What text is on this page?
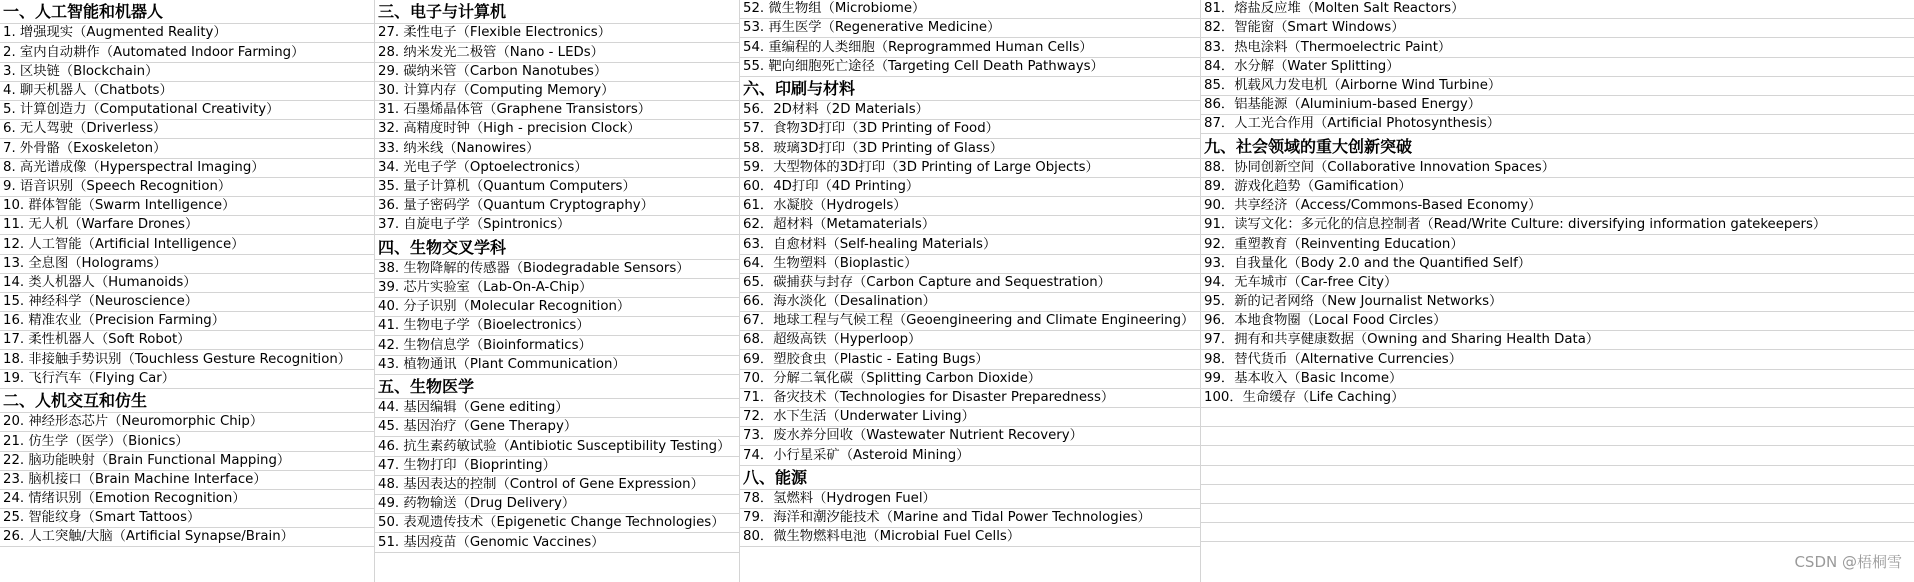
一、人工智能和机器人
1. 增强现实（Augmented Reality）
2. 室内自动耕作（Automated Indoor Farming）
3. 区块链（Blockchain）
4. 聊天机器人（Chatbots）
5. 计算创造力（Computational Creativity）
6. 无人驾驶（Driverless）
7. 外骨骼（Exoskeleton）
8. 高光谱成像（Hyperspectral Imaging）
9. 语音识别（Speech Recognition）
10. 群体智能（Swarm Intelligence）
11. 无人机（Warfare Drones）
12. 人工智能（Artificial Intelligence）
13. 全息图（Holograms）
14. 类人机器人（Humanoids）
15. 神经科学（Neuroscience）
16. 精准农业（Precision Farming）
17. 柔性机器人（Soft Robot）
18. 非接触手势识别（Touchless Gesture Recognition）
19. 飞行汽车（Flying Car）
二、人机交互和仿生
20. 神经形态芯片（Neuromorphic Chip）
21. 仿生学（医学）（Bionics）
22. 脑功能映射（Brain Functional Mapping）
23. 脑机接口（Brain Machine Interface）
24. 情绪识别（Emotion Recognition）
25. 智能纹身（Smart Tattoos）
26. 人工突触/大脑（Artificial Synapse/Brain）
三、电子与计算机
27. 柔性电子（Flexible Electronics）
28. 纳米发光二极管（Nano - LEDs）
29. 碳纳米管（Carbon Nanotubes）
30. 计算内存（Computing Memory）
31. 石墨烯晶体管（Graphene Transistors）
32. 高精度时钟（High - precision Clock）
33. 纳米线（Nanowires）
34. 光电子学（Optoelectronics）
35. 量子计算机（Quantum Computers）
36. 量子密码学（Quantum Cryptography）
37. 自旋电子学（Spintronics）
四、生物交叉学科
38. 生物降解的传感器（Biodegradable Sensors）
39. 芯片实验室（Lab-On-A-Chip）
40. 分子识别（Molecular Recognition）
41. 生物电子学（Bioelectronics）
42. 生物信息学（Bioinformatics）
43. 植物通讯（Plant Communication）
五、生物医学
44. 基因编辑（Gene editing）
45. 基因治疗（Gene Therapy）
46. 抗生素药敏试验（Antibiotic Susceptibility Testing）
47. 生物打印（Bioprinting）
48. 基因表达的控制（Control of Gene Expression）
49. 药物输送（Drug Delivery）
50. 表观遗传技术（Epigenetic Change Technologies）
51. 基因疫苗（Genomic Vaccines）
52. 微生物组（Microbiome）
53. 再生医学（Regenerative Medicine）
54. 重编程的人类细胞（Reprogrammed Human Cells）
55. 靶向细胞死亡途径（Targeting Cell Death Pathways）
六、印刷与材料
56．2D材料（2D Materials）
57．食物3D打印（3D Printing of Food）
58．玻璃3D打印（3D Printing of Glass）
59．大型物体的3D打印（3D Printing of Large Objects）
60．4D打印（4D Printing）
61．水凝胶（Hydrogels）
62．超材料（Metamaterials）
63．自愈材料（Self-healing Materials）
64．生物塑料（Bioplastic）
65．碳捕获与封存（Carbon Capture and Sequestration）
66．海水淡化（Desalination）
67．地球工程与气候工程（Geoengineering and Climate Engineering）
68．超级高铁（Hyperloop）
69．塑胶食虫（Plastic - Eating Bugs）
70．分解二氧化碳（Splitting Carbon Dioxide）
71．备灾技术（Technologies for Disaster Preparedness）
72．水下生活（Underwater Living）
73．废水养分回收（Wastewater Nutrient Recovery）
74．小行星采矿（Asteroid Mining）
八、能源
78．氢燃料（Hydrogen Fuel）
79．海洋和潮汐能技术（Marine and Tidal Power Technologies）
80．微生物燃料电池（Microbial Fuel Cells）
81．熔盐反应堆（Molten Salt Reactors）
82．智能窗（Smart Windows）
83．热电涂料（Thermoelectric Paint）
84．水分解（Water Splitting）
85．机载风力发电机（Airborne Wind Turbine）
86．铝基能源（Aluminium-based Energy）
87．人工光合作用（Artificial Photosynthesis）
九、社会领域的重大创新突破
88．协同创新空间（Collaborative Innovation Spaces）
89．游戏化趋势（Gamification）
90．共享经济（Access/Commons-Based Economy）
91．读写文化：多元化的信息控制者（Read/Write Culture: diversifying information gatekeepers）
92．重塑教育（Reinventing Education）
93．自我量化（Body 2.0 and the Quantified Self）
94．无车城市（Car-free City）
95．新的记者网络（New Journalist Networks）
96．本地食物圈（Local Food Circles）
97．拥有和共享健康数据（Owning and Sharing Health Data）
98．替代货币（Alternative Currencies）
99．基本收入（Basic Income）
100．生命缓存（Life Caching）
CSDN @梧桐雪
